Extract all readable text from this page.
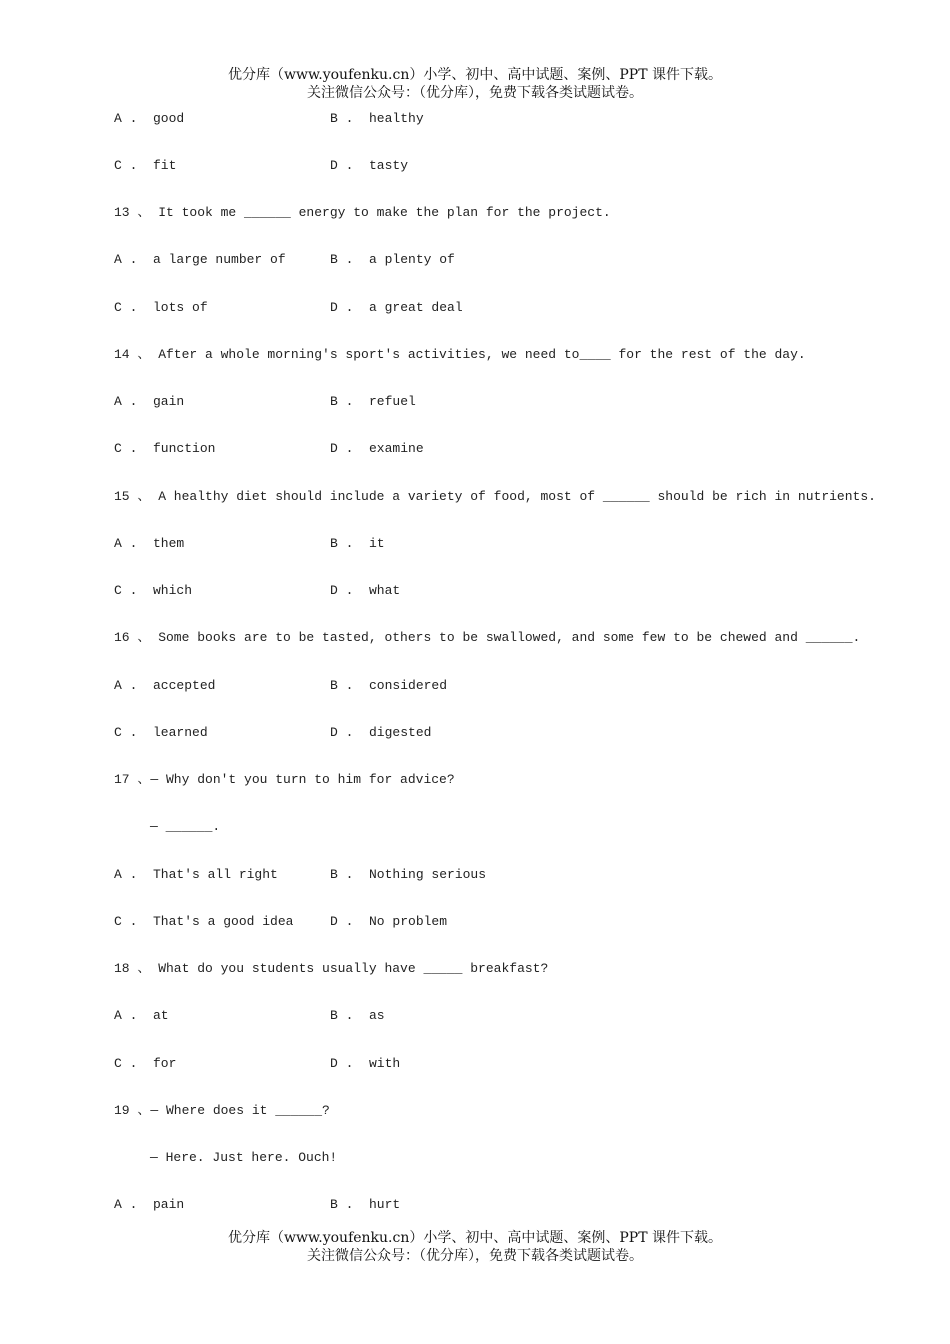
优分库（www.youfenku.cn）小学、初中、高中试题、案例、PPT 课件下载。
关注微信公众号：（优分库），免费下载各类试题试卷。
A .  good	B .  healthy
C .  fit	D .  tasty
13 、 It took me ______ energy to make the plan for the project.
A .  a large number of	B .  a plenty of
C .  lots of	D .  a great deal
14 、 After a whole morning's sport's activities, we need to____ for the rest of the day.
A .  gain	B .  refuel
C .  function	D .  examine
15 、 A healthy diet should include a variety of food, most of ______ should be rich in nutrients.
A .  them	B .  it
C .  which	D .  what
16 、 Some books are to be tasted, others to be swallowed, and some few to be chewed and ______.
A .  accepted	B .  considered
C .  learned	D .  digested
17 、— Why don't you turn to him for advice?
— ______.
A .  That's all right	B .  Nothing serious
C .  That's a good idea	D .  No problem
18 、 What do you students usually have _____ breakfast?
A .  at	B .  as
C .  for	D .  with
19 、— Where does it ______?
— Here. Just here. Ouch!
A .  pain	B .  hurt
优分库（www.youfenku.cn）小学、初中、高中试题、案例、PPT 课件下载。
关注微信公众号：（优分库），免费下载各类试题试卷。
